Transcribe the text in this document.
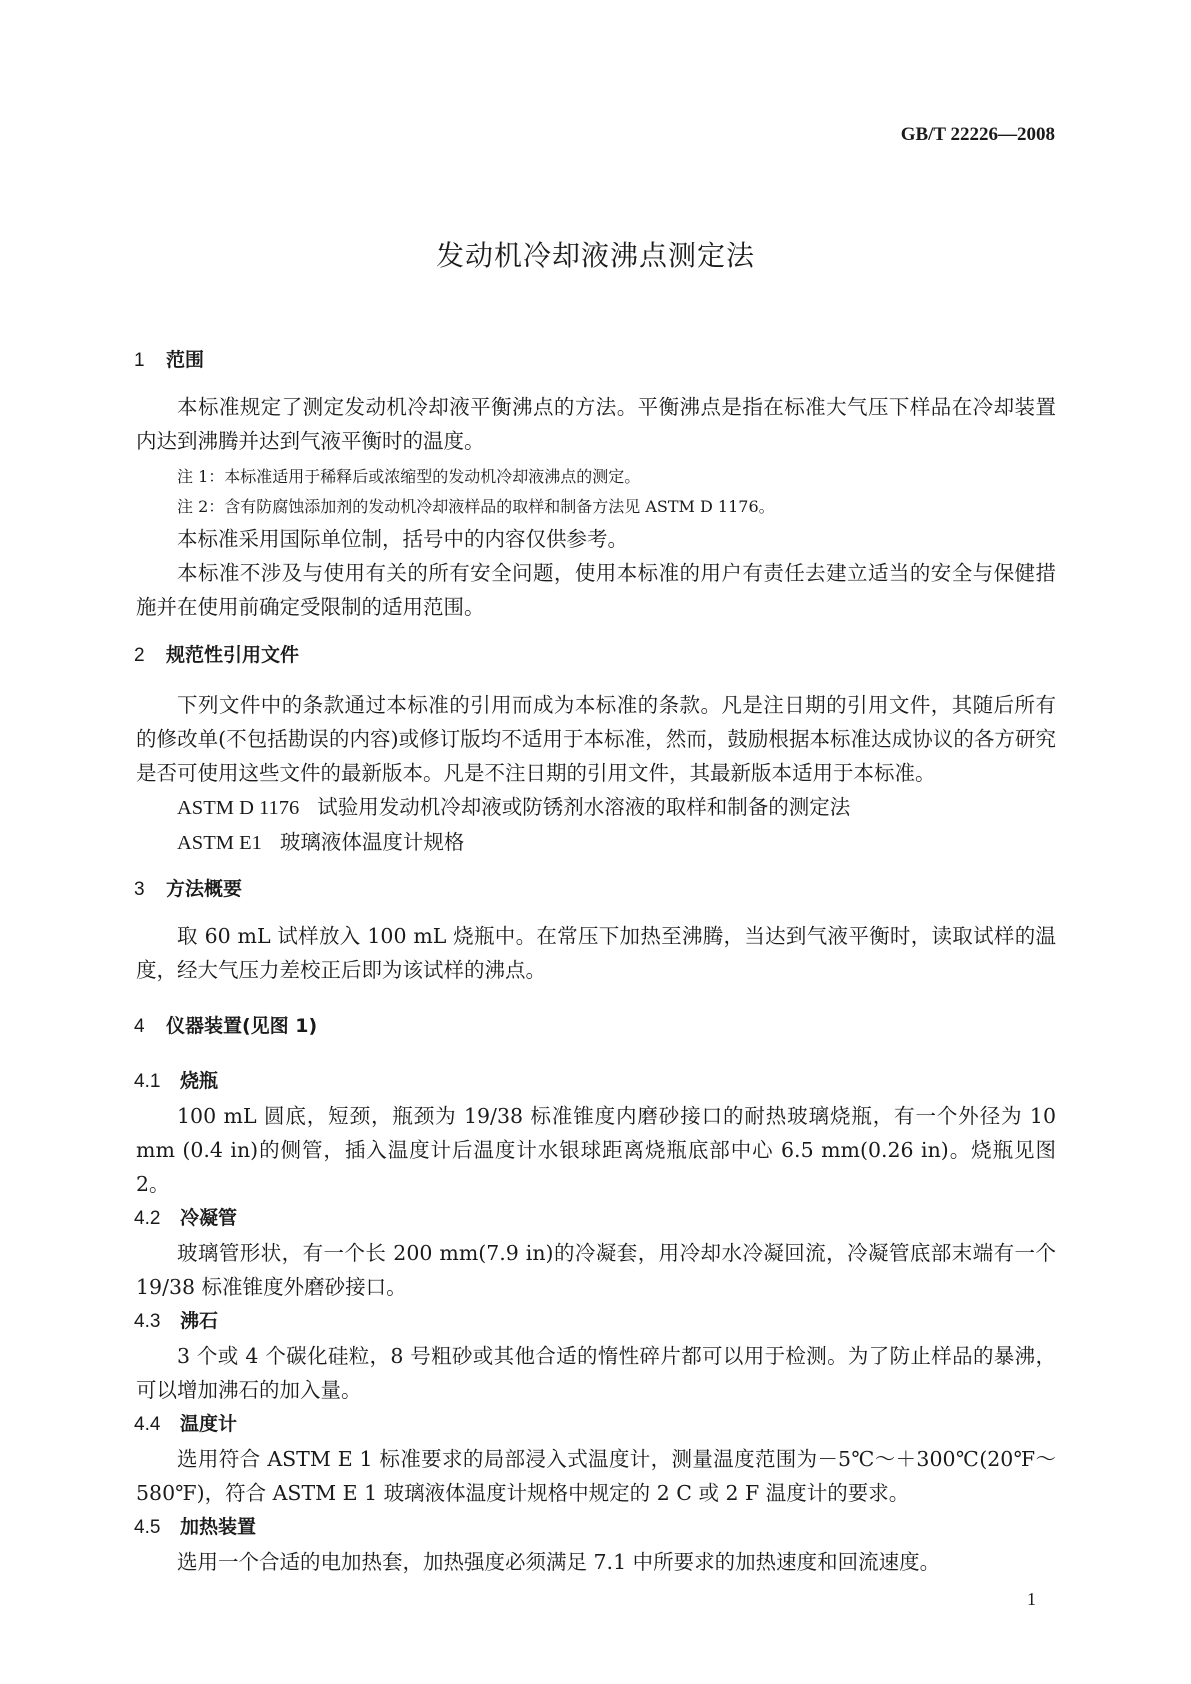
GB/T 22226—2008
发动机冷却液沸点测定法
1 范围
本标准规定了测定发动机冷却液平衡沸点的方法。平衡沸点是指在标准大气压下样品在冷却装置内达到沸腾并达到气液平衡时的温度。
注 1：本标准适用于稀释后或浓缩型的发动机冷却液沸点的测定。
注 2：含有防腐蚀添加剂的发动机冷却液样品的取样和制备方法见 ASTM D 1176。
本标准采用国际单位制，括号中的内容仅供参考。
本标准不涉及与使用有关的所有安全问题，使用本标准的用户有责任去建立适当的安全与保健措施并在使用前确定受限制的适用范围。
2 规范性引用文件
下列文件中的条款通过本标准的引用而成为本标准的条款。凡是注日期的引用文件，其随后所有的修改单(不包括勘误的内容)或修订版均不适用于本标准，然而，鼓励根据本标准达成协议的各方研究是否可使用这些文件的最新版本。凡是不注日期的引用文件，其最新版本适用于本标准。
ASTM D 1176 试验用发动机冷却液或防锈剂水溶液的取样和制备的测定法
ASTM E1 玻璃液体温度计规格
3 方法概要
取 60 mL 试样放入 100 mL 烧瓶中。在常压下加热至沸腾，当达到气液平衡时，读取试样的温度，经大气压力差校正后即为该试样的沸点。
4 仪器装置(见图 1)
4.1 烧瓶
100 mL 圆底，短颈，瓶颈为 19/38 标准锥度内磨砂接口的耐热玻璃烧瓶，有一个外径为 10 mm (0.4 in)的侧管，插入温度计后温度计水银球距离烧瓶底部中心 6.5 mm(0.26 in)。烧瓶见图 2。
4.2 冷凝管
玻璃管形状，有一个长 200 mm(7.9 in)的冷凝套，用冷却水冷凝回流，冷凝管底部末端有一个 19/38 标准锥度外磨砂接口。
4.3 沸石
3 个或 4 个碳化硅粒，8 号粗砂或其他合适的惰性碎片都可以用于检测。为了防止样品的暴沸，可以增加沸石的加入量。
4.4 温度计
选用符合 ASTM E 1 标准要求的局部浸入式温度计，测量温度范围为－5℃～＋300℃(20℉～580℉)，符合 ASTM E 1 玻璃液体温度计规格中规定的 2 C 或 2 F 温度计的要求。
4.5 加热装置
选用一个合适的电加热套，加热强度必须满足 7.1 中所要求的加热速度和回流速度。
1
